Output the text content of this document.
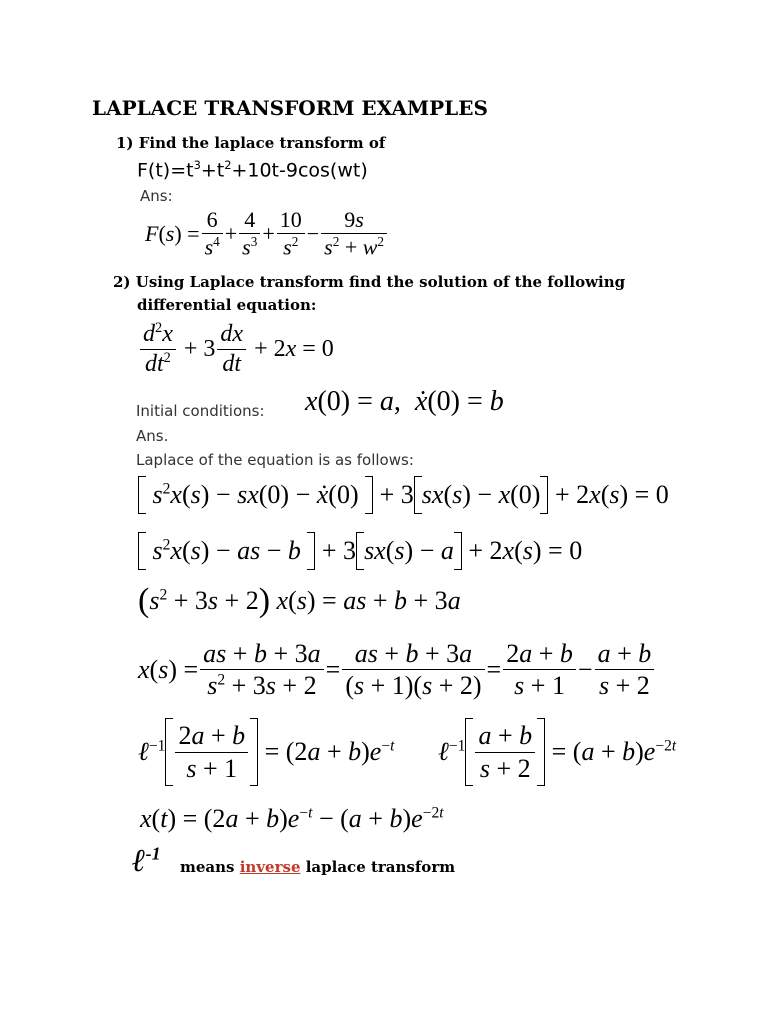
LAPLACE TRANSFORM EXAMPLES
1) Find the laplace transform of
$F(t)=t^3+t^2+10t-9\cos(wt)$
Ans:
$F(s) = \frac{6}{s^4} + \frac{4}{s^3} + \frac{10}{s^2} - \frac{9s}{s^2 + w^2}$
2) Using Laplace transform find the solution of the following
differential equation:
$\frac{d^2x}{dt^2} + 3 \frac{dx}{dt} + 2x = 0$
Initial conditions: x(0) = a,  ẋ(0) = b
Ans.
Laplace of the equation is as follows:
$s^2x(s) - sx(0)$ − ẋ(0) + 3 sx(s) − x(0) + 2x(s) = 0
$s^2x(s)$ − as − b + 3 sx(s) − a + 2x(s) = 0
( $s^2 + 3s + 2$ ) x(s) = as + b + 3a
$x(s) = \frac{as + b + 3a}{s^2 + 3s + 2} = \frac{as + b + 3a}{(s + 1)(s + 2)} = \frac{2a + b}{s + 1} - \frac{a + b}{s + 2}$
ℓ$^{-1}$ $\frac{2a + b}{s + 1} = (2a + b)e^{-t}$ ℓ$^{-1}$ $\frac{a + b}{s + 2} = (a + b)e^{-2t}$
$x(t) = (2a + b)e^{-t} - (a + b)e^{-2t}$
ℓ$^{-1}$
means inverse laplace transform
